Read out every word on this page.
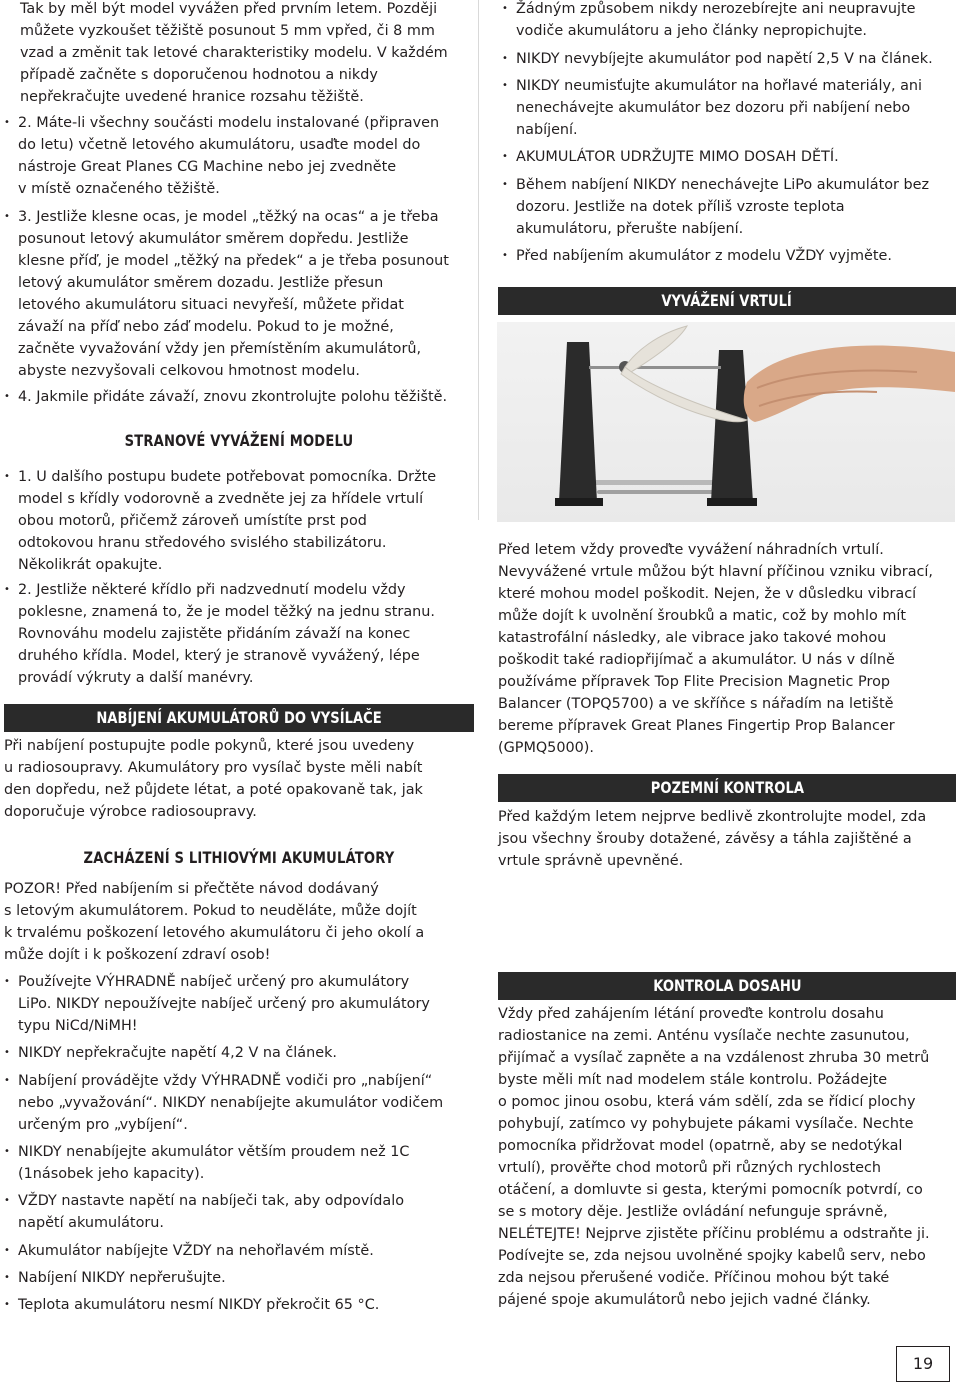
Tak by měl být model vyvážen před prvním letem. Později
můžete vyzkoušet těžiště posunout 5 mm vpřed, či 8 mm
vzad a změnit tak letové charakteristiky modelu. V každém
případě začněte s doporučenou hodnotou a nikdy
nepřekračujte uvedené hranice rozsahu těžiště.
• 2. Máte-li všechny součásti modelu instalované (připraven
do letu) včetně letového akumulátoru, usaďte model do
nástroje Great Planes CG Machine nebo jej zvedněte
v místě označeného těžiště.
• 3. Jestliže klesne ocas, je model „těžký na ocas“ a je třeba
posunout letový akumulátor směrem dopředu. Jestliže
klesne příď, je model „těžký na předek“ a je třeba posunout
letový akumulátor směrem dozadu. Jestliže přesun
letového akumulátoru situaci nevyřeší, můžete přidat
závaží na příď nebo záď modelu. Pokud to je možné,
začněte vyvažování vždy jen přemístěním akumulátorů,
abyste nezvyšovali celkovou hmotnost modelu.
• 4. Jakmile přidáte závaží, znovu zkontrolujte polohu těžiště.
STRANOVÉ VYVÁŽENÍ MODELU
• 1. U dalšího postupu budete potřebovat pomocníka. Držte
model s křídly vodorovně a zvedněte jej za hřídele vrtulí
obou motorů, přičemž zároveň umístíte prst pod
odtokovou hranu středového svislého stabilizátoru.
Několikrát opakujte.
• 2. Jestliže některé křídlo při nadzvednutí modelu vždy
poklesne, znamená to, že je model těžký na jednu stranu.
Rovnováhu modelu zajistěte přidáním závaží na konec
druhého křídla. Model, který je stranově vyvážený, lépe
provádí výkruty a další manévry.
NABÍJENÍ AKUMULÁTORŮ DO VYSÍLAČE
Při nabíjení postupujte podle pokynů, které jsou uvedeny
u radiosoupravy. Akumulátory pro vysílač byste měli nabít
den dopředu, než půjdete létat, a poté opakovaně tak, jak
doporučuje výrobce radiosoupravy.
ZACHÁZENÍ S LITHIOVÝMI AKUMULÁTORY
POZOR! Před nabíjením si přečtěte návod dodávaný
s letovým akumulátorem. Pokud to neuděláte, může dojít
k trvalému poškození letového akumulátoru či jeho okolí a
může dojít i k poškození zdraví osob!
• Používejte VÝHRADNĚ nabíječ určený pro akumulátory
LiPo. NIKDY nepoužívejte nabíječ určený pro akumulátory
typu NiCd/NiMH!
• NIKDY nepřekračujte napětí 4,2 V na článek.
• Nabíjení provádějte vždy VÝHRADNĚ vodiči pro „nabíjení“
nebo „vyvažování“. NIKDY nenabíjejte akumulátor vodičem
určeným pro „vybíjení“.
• NIKDY nenabíjejte akumulátor větším proudem než 1C
(1násobek jeho kapacity).
• VŽDY nastavte napětí na nabíječi tak, aby odpovídalo
napětí akumulátoru.
• Akumulátor nabíjejte VŽDY na nehořlavém místě.
• Nabíjení NIKDY nepřerušujte.
• Teplota akumulátoru nesmí NIKDY překročit 65 °C.
• Žádným způsobem nikdy nerozebírejte ani neupravujte
vodiče akumulátoru a jeho články nepropichujte.
• NIKDY nevybíjejte akumulátor pod napětí 2,5 V na článek.
• NIKDY neumisťujte akumulátor na hořlavé materiály, ani
nenechávejte akumulátor bez dozoru při nabíjení nebo
nabíjení.
• AKUMULÁTOR UDRŽUJTE MIMO DOSAH DĚTÍ.
• Během nabíjení NIKDY nenechávejte LiPo akumulátor bez
dozoru. Jestliže na dotek příliš vzroste teplota
akumulátoru, přerušte nabíjení.
• Před nabíjením akumulátor z modelu VŽDY vyjměte.
VYVÁŽENÍ VRTULÍ
Před letem vždy proveďte vyvážení náhradních vrtulí.
Nevyvážené vrtule můžou být hlavní příčinou vzniku vibrací,
které mohou model poškodit. Nejen, že v důsledku vibrací
může dojít k uvolnění šroubků a matic, což by mohlo mít
katastrofální následky, ale vibrace jako takové mohou
poškodit také radiopřijímač a akumulátor. U nás v dílně
používáme přípravek Top Flite Precision Magnetic Prop
Balancer (TOPQ5700) a ve skříňce s nářadím na letiště
bereme přípravek Great Planes Fingertip Prop Balancer
(GPMQ5000).
POZEMNÍ KONTROLA
Před každým letem nejprve bedlivě zkontrolujte model, zda
jsou všechny šrouby dotažené, závěsy a táhla zajištěné a
vrtule správně upevněné.
KONTROLA DOSAHU
Vždy před zahájením létání proveďte kontrolu dosahu
radiostanice na zemi. Anténu vysílače nechte zasunutou,
přijímač a vysílač zapněte a na vzdálenost zhruba 30 metrů
byste měli mít nad modelem stále kontrolu. Požádejte
o pomoc jinou osobu, která vám sdělí, zda se řídicí plochy
pohybují, zatímco vy pohybujete pákami vysílače. Nechte
pomocníka přidržovat model (opatrně, aby se nedotýkal
vrtulí), prověřte chod motorů při různých rychlostech
otáčení, a domluvte si gesta, kterými pomocník potvrdí, co
se s motory děje. Jestliže ovládání nefunguje správně,
NELÉTEJTE! Nejprve zjistěte příčinu problému a odstraňte ji.
Podívejte se, zda nejsou uvolněné spojky kabelů serv, nebo
zda nejsou přerušené vodiče. Příčinou mohou být také
pájené spoje akumulátorů nebo jejich vadné články.
19
